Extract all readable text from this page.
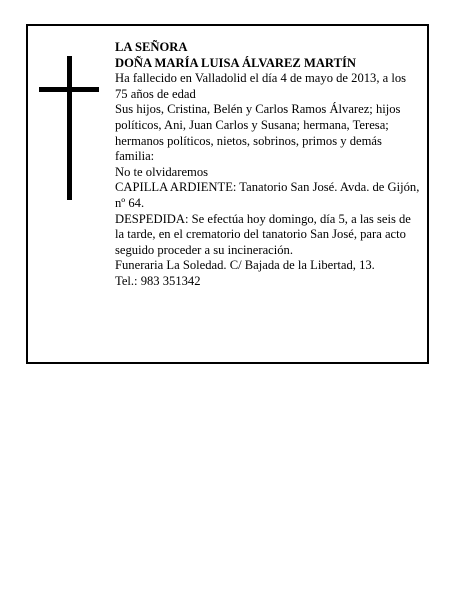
LA SEÑORA

DOÑA MARÍA LUISA ÁLVAREZ MARTÍN

Ha fallecido en Valladolid el día 4 de mayo de 2013, a los 75 años de edad

Sus hijos, Cristina, Belén y Carlos Ramos Álvarez; hijos políticos, Ani, Juan Carlos y Susana; hermana, Teresa; hermanos políticos, nietos, sobrinos, primos y demás familia:

No te olvidaremos

CAPILLA ARDIENTE: Tanatorio San José. Avda. de Gijón, nº 64.

DESPEDIDA: Se efectúa hoy domingo, día 5, a las seis de la tarde, en el crematorio del tanatorio San José, para acto seguido proceder a su incineración.

Funeraria La Soledad. C/ Bajada de la Libertad, 13.

Tel.: 983 351342
